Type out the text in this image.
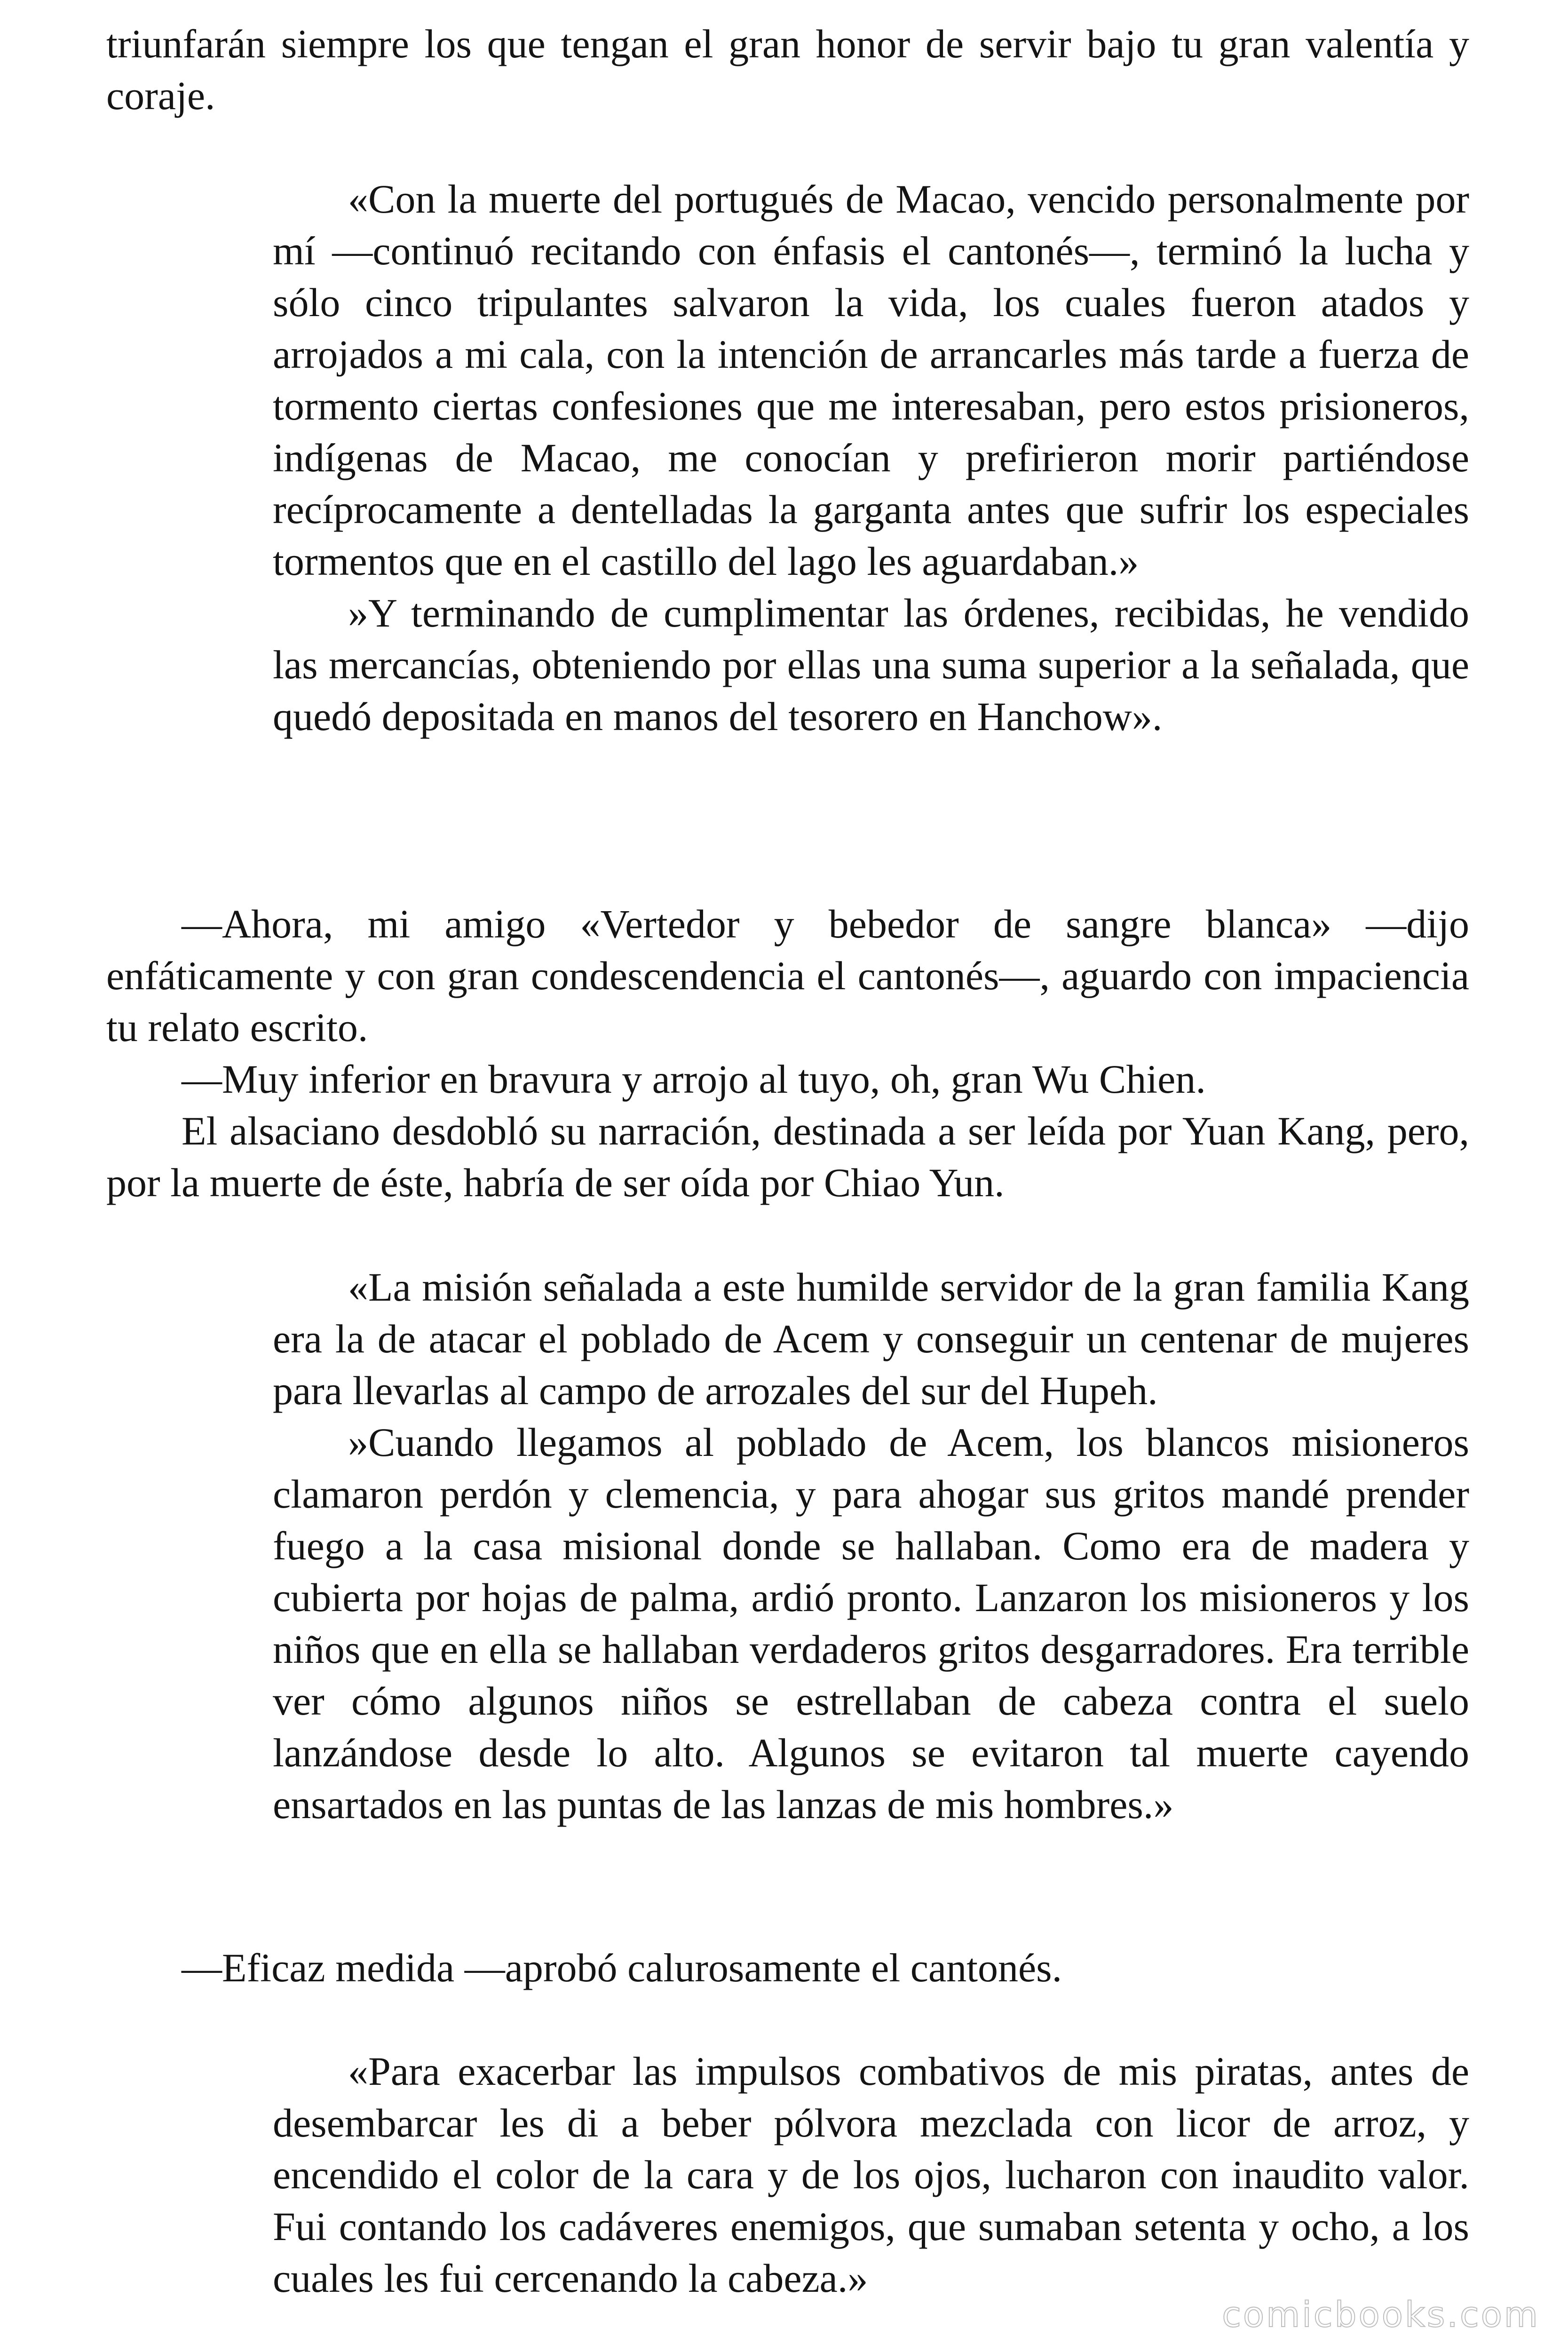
triunfarán siempre los que tengan el gran honor de servir bajo tu gran valentía y coraje.

«Con la muerte del portugués de Macao, vencido personalmente por mí —continuó recitando con énfasis el cantonés—, terminó la lucha y sólo cinco tripulantes salvaron la vida, los cuales fueron atados y arrojados a mi cala, con la intención de arrancarles más tarde a fuerza de tormento ciertas confesiones que me interesaban, pero estos prisioneros, indígenas de Macao, me conocían y prefirieron morir partiéndose recíprocamente a dentelladas la garganta antes que sufrir los especiales tormentos que en el castillo del lago les aguardaban.»

»Y terminando de cumplimentar las órdenes, recibidas, he vendido las mercancías, obteniendo por ellas una suma superior a la señalada, que quedó depositada en manos del tesorero en Hanchow».

—Ahora, mi amigo «Vertedor y bebedor de sangre blanca» —dijo enfáticamente y con gran condescendencia el cantonés—, aguardo con impaciencia tu relato escrito.

—Muy inferior en bravura y arrojo al tuyo, oh, gran Wu Chien.

El alsaciano desdobló su narración, destinada a ser leída por Yuan Kang, pero, por la muerte de éste, habría de ser oída por Chiao Yun.

«La misión señalada a este humilde servidor de la gran familia Kang era la de atacar el poblado de Acem y conseguir un centenar de mujeres para llevarlas al campo de arrozales del sur del Hupeh.

»Cuando llegamos al poblado de Acem, los blancos misioneros clamaron perdón y clemencia, y para ahogar sus gritos mandé prender fuego a la casa misional donde se hallaban. Como era de madera y cubierta por hojas de palma, ardió pronto. Lanzaron los misioneros y los niños que en ella se hallaban verdaderos gritos desgarradores. Era terrible ver cómo algunos niños se estrellaban de cabeza contra el suelo lanzándose desde lo alto. Algunos se evitaron tal muerte cayendo ensartados en las puntas de las lanzas de mis hombres.»

—Eficaz medida —aprobó calurosamente el cantonés.

«Para exacerbar las impulsos combativos de mis piratas, antes de desembarcar les di a beber pólvora mezclada con licor de arroz, y encendido el color de la cara y de los ojos, lucharon con inaudito valor. Fui contando los cadáveres enemigos, que sumaban setenta y ocho, a los cuales les fui cercenando la cabeza.»

comicbooks.com
